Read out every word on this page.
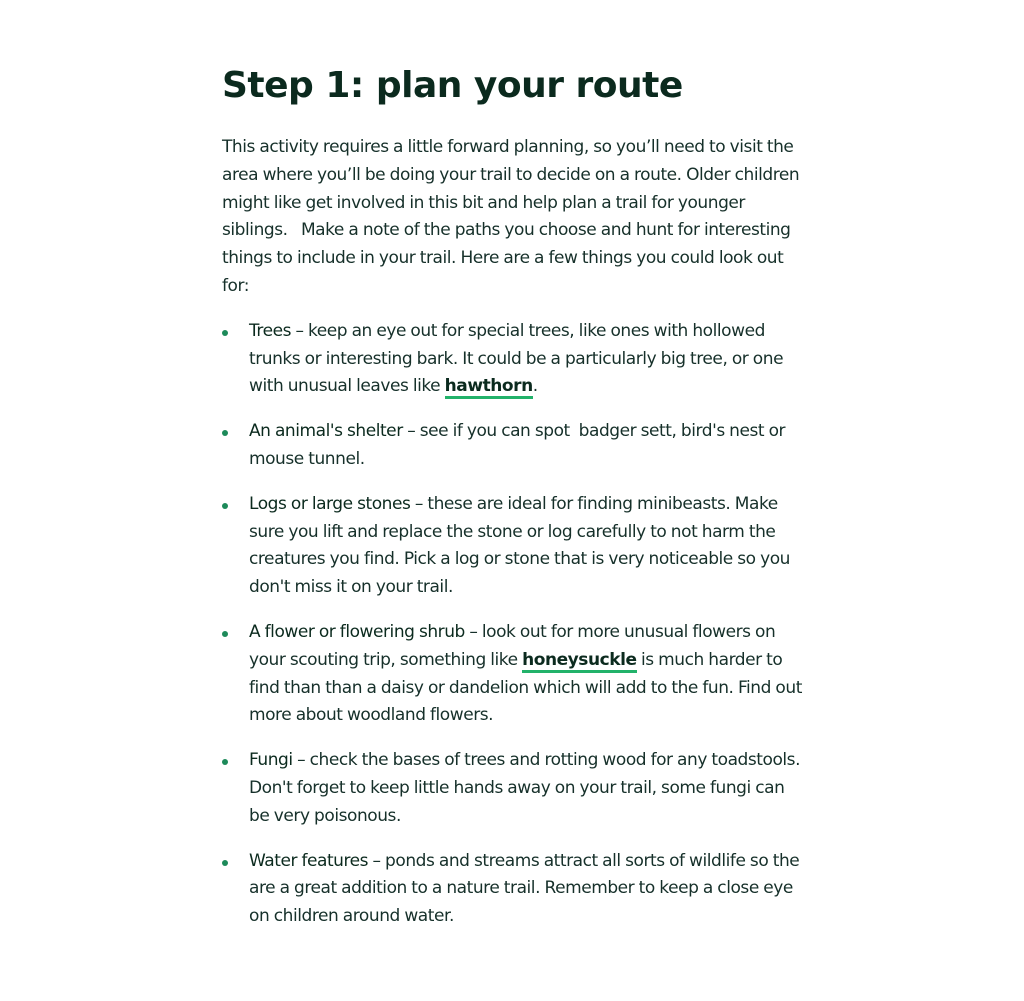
Step 1: plan your route

This activity requires a little forward planning, so you’ll need to visit the area where you’ll be doing your trail to decide on a route. Older children might like get involved in this bit and help plan a trail for younger siblings.   Make a note of the paths you choose and hunt for interesting things to include in your trail. Here are a few things you could look out for:

Trees – keep an eye out for special trees, like ones with hollowed trunks or interesting bark. It could be a particularly big tree, or one with unusual leaves like hawthorn.
An animal's shelter – see if you can spot  badger sett, bird's nest or mouse tunnel.
Logs or large stones – these are ideal for finding minibeasts. Make sure you lift and replace the stone or log carefully to not harm the creatures you find. Pick a log or stone that is very noticeable so you don't miss it on your trail.
A flower or flowering shrub – look out for more unusual flowers on your scouting trip, something like honeysuckle is much harder to find than than a daisy or dandelion which will add to the fun. Find out more about woodland flowers.
Fungi – check the bases of trees and rotting wood for any toadstools. Don't forget to keep little hands away on your trail, some fungi can be very poisonous.
Water features – ponds and streams attract all sorts of wildlife so the are a great addition to a nature trail. Remember to keep a close eye on children around water.
